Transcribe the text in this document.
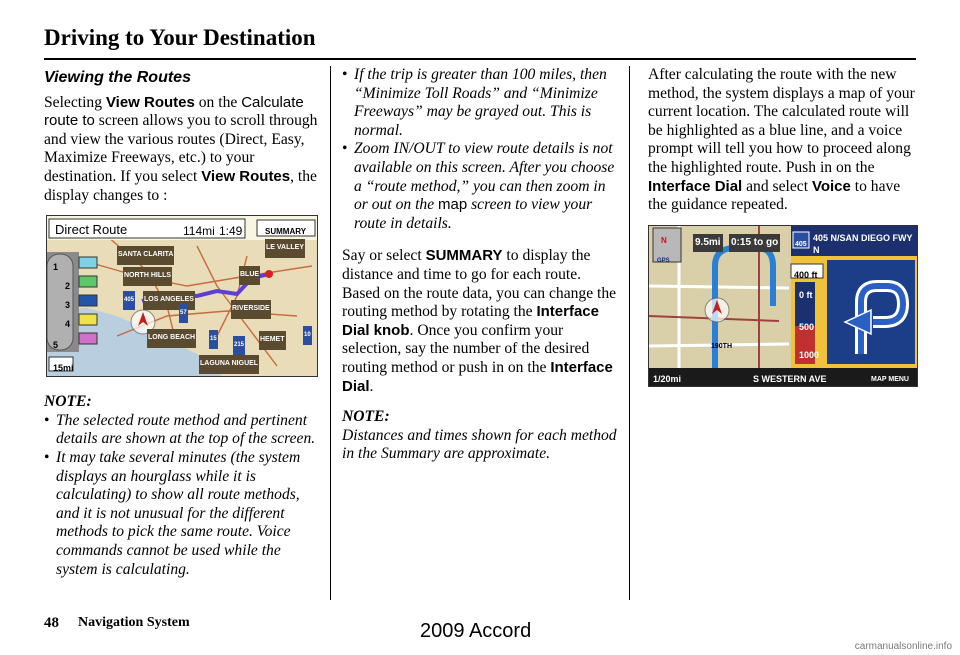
Driving to Your Destination
Viewing the Routes

Selecting View Routes on the Calculate route to screen allows you to scroll through and view the various routes (Direct, Easy, Maximize Freeways, etc.) to your destination. If you select View Routes, the display changes to :

Direct Route	114mi 1:49	SUMMARY
15mi
1
2
3
4
5
SANTA CLARITA
NORTH HILLS
LOS ANGELES
LONG BEACH
RIVERSIDE
HEMET
LAGUNA NIGUEL
BLUE
LE VALLEY
405
57
15
215
10
NOTE:
• The selected route method and pertinent details are shown at the top of the screen.
• It may take several minutes (the system displays an hourglass while it is calculating) to show all route methods, and it is not unusual for the different methods to pick the same route. Voice commands cannot be used while the system is calculating.
• If the trip is greater than 100 miles, then “Minimize Toll Roads” and “Minimize Freeways” may be grayed out. This is normal.
• Zoom IN/OUT to view route details is not available on this screen. After you choose a “route method,” you can then zoom in or out on the map screen to view your route in details.

Say or select SUMMARY to display the distance and time to go for each route. Based on the route data, you can change the routing method by rotating the Interface Dial knob. Once you confirm your selection, say the number of the desired routing method or push in on the Interface Dial.

NOTE:

Distances and times shown for each method in the Summary are approximate.

After calculating the route with the new method, the system displays a map of your current location. The calculated route will be highlighted as a blue line, and a voice prompt will tell you how to proceed along the highlighted route. Push in on the Interface Dial and select Voice to have the guidance repeated.

N
GPS
9.5mi 0:15 to go 405
405 N/SAN DIEGO FWY
N
400 ft
0 ft
500
1000
190TH
1/20mi	S WESTERN AVE	MAP MENU
48 Navigation System	2009 Accord
carmanualsonline.info
